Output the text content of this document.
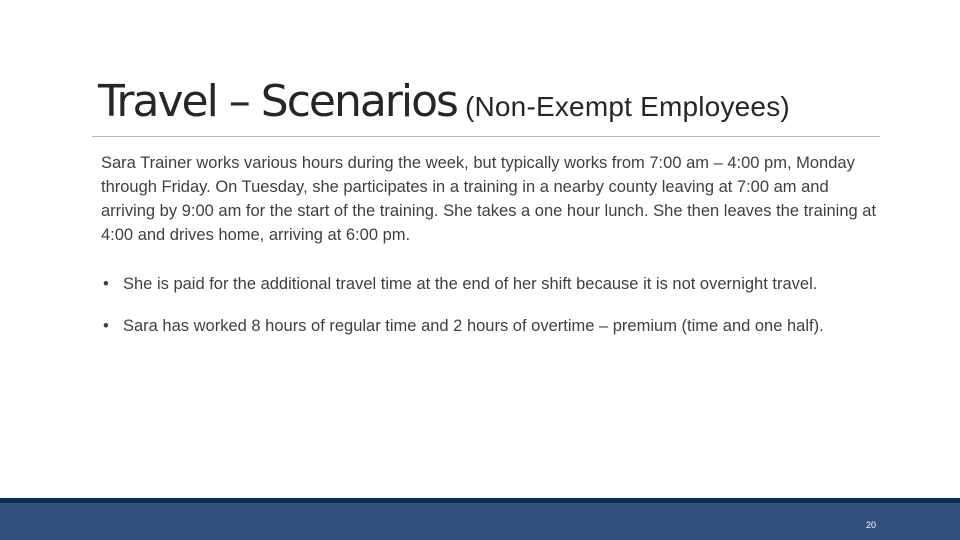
Travel – Scenarios (Non-Exempt Employees)

Sara Trainer works various hours during the week, but typically works from 7:00 am – 4:00 pm, Monday through Friday. On Tuesday, she participates in a training in a nearby county leaving at 7:00 am and arriving by 9:00 am for the start of the training. She takes a one hour lunch. She then leaves the training at 4:00 and drives home, arriving at 6:00 pm.

• She is paid for the additional travel time at the end of her shift because it is not overnight travel.
• Sara has worked 8 hours of regular time and 2 hours of overtime – premium (time and one half).
20
